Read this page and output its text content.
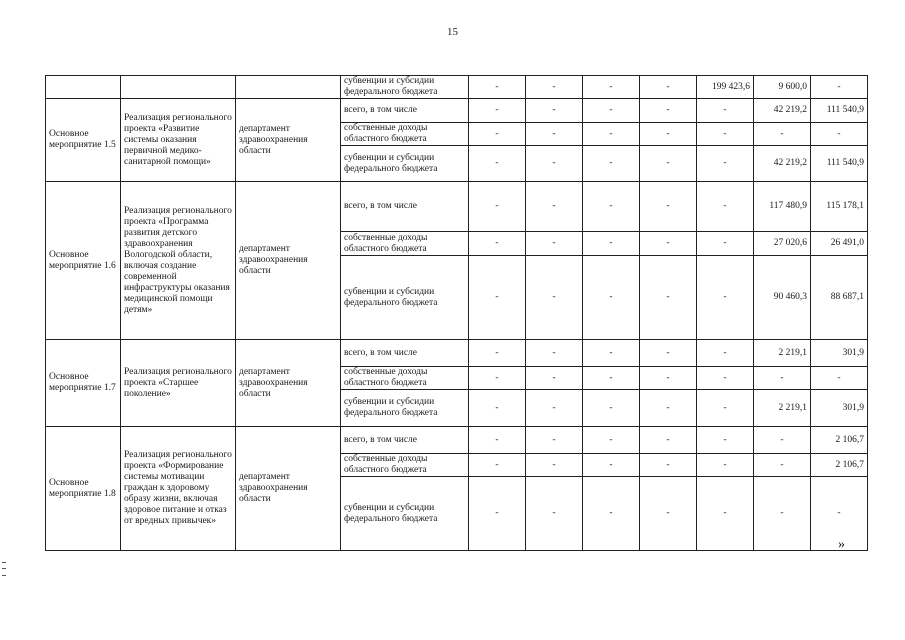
15
			субвенции и субсидии федерального бюджета	-	-	-	-	199 423,6	9 600,0	-
Основное мероприятие 1.5	Реализация регионального проекта «Развитие системы оказания первичной медико-санитарной помощи»	департамент здравоохранения области	всего, в том числе	-	-	-	-	-	42 219,2	111 540,9
			собственные доходы областного бюджета	-	-	-	-	-	-	-
			субвенции и субсидии федерального бюджета	-	-	-	-	-	42 219,2	111 540,9
Основное мероприятие 1.6	Реализация регионального проекта «Программа развития детского здравоохранения Вологодской области, включая создание современной инфраструктуры оказания медицинской помощи детям»	департамент здравоохранения области	всего, в том числе	-	-	-	-	-	117 480,9	115 178,1
			собственные доходы областного бюджета	-	-	-	-	-	27 020,6	26 491,0
			субвенции и субсидии федерального бюджета	-	-	-	-	-	90 460,3	88 687,1
Основное мероприятие 1.7	Реализация регионального проекта «Старшее поколение»	департамент здравоохранения области	всего, в том числе	-	-	-	-	-	2 219,1	301,9
			собственные доходы областного бюджета	-	-	-	-	-	-	-
			субвенции и субсидии федерального бюджета	-	-	-	-	-	2 219,1	301,9
Основное мероприятие 1.8	Реализация регионального проекта «Формирование системы мотивации граждан к здоровому образу жизни, включая здоровое питание и отказ от вредных привычек»	департамент здравоохранения области	всего, в том числе	-	-	-	-	-	-	2 106,7
			собственные доходы областного бюджета	-	-	-	-	-	-	2 106,7
			субвенции и субсидии федерального бюджета	-	-	-	-	-	-	-
»
